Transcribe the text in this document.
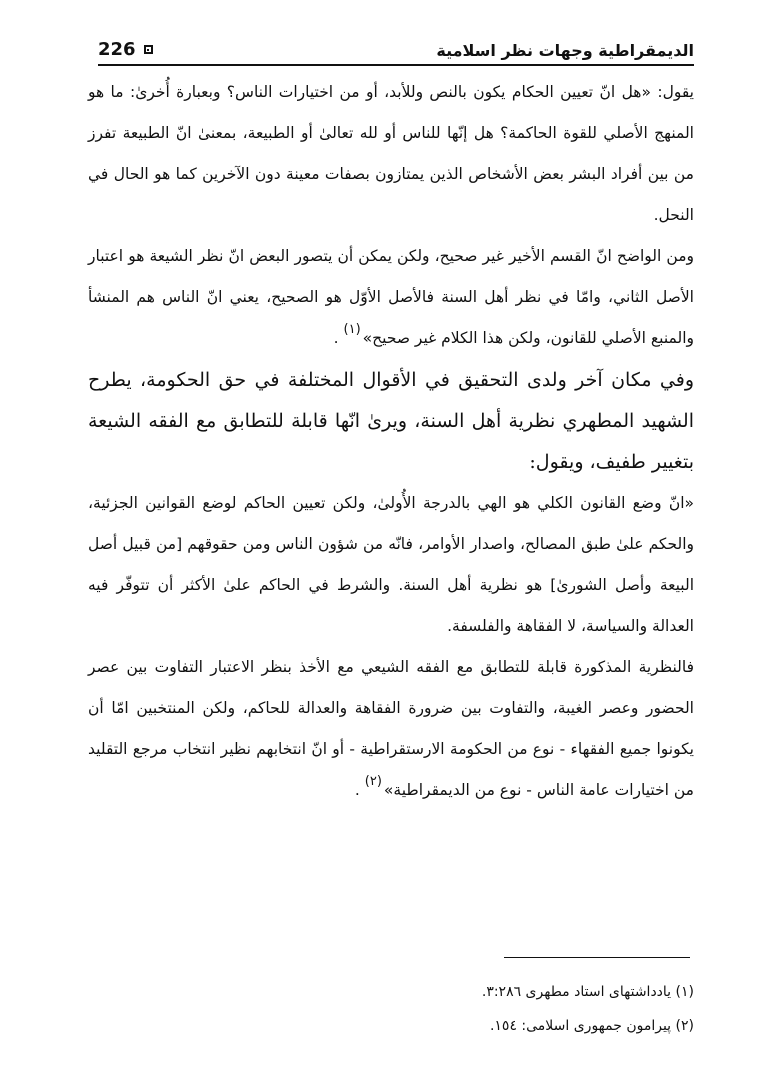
226	الديمقراطية وجهات نظر اسلامية

يقول: «هل انّ تعيين الحكام يكون بالنص وللأبد، أو من اختيارات الناس؟ وبعبارة أُخرىٰ: ما هو المنهج الأصلي للقوة الحاكمة؟ هل إنّها للناس أو لله تعالىٰ أو الطبيعة، بمعنىٰ انّ الطبيعة تفرز من بين أفراد البشر بعض الأشخاص الذين يمتازون بصفات معينة دون الآخرين كما هو الحال في النحل.

ومن الواضح انّ القسم الأخير غير صحيح، ولكن يمكن أن يتصور البعض انّ نظر الشيعة هو اعتبار الأصل الثاني، وامّا في نظر أهل السنة فالأصل الأوّل هو الصحيح، يعني انّ الناس هم المنشأ والمنبع الأصلي للقانون، ولكن هذا الكلام غير صحيح»$^{(١)}$ .

وفي مكان آخر ولدى التحقيق في الأقوال المختلفة في حق الحكومة، يطرح الشهيد المطهري نظرية أهل السنة، ويرىٰ انّها قابلة للتطابق مع الفقه الشيعة بتغيير طفيف، ويقول:

«انّ وضع القانون الكلي هو الهي بالدرجة الأُولىٰ، ولكن تعيين الحاكم لوضع القوانين الجزئية، والحكم علىٰ طبق المصالح، واصدار الأوامر، فانّه من شؤون الناس ومن حقوقهم [من قبيل أصل البيعة وأصل الشورىٰ] هو نظرية أهل السنة. والشرط في الحاكم علىٰ الأكثر أن تتوفّر فيه العدالة والسياسة، لا الفقاهة والفلسفة.

فالنظرية المذكورة قابلة للتطابق مع الفقه الشيعي مع الأخذ بنظر الاعتبار التفاوت بين عصر الحضور وعصر الغيبة، والتفاوت بين ضرورة الفقاهة والعدالة للحاكم، ولكن المنتخبين امّا أن يكونوا جميع الفقهاء - نوع من الحكومة الارستقراطية - أو انّ انتخابهم نظير انتخاب مرجع التقليد من اختيارات عامة الناس - نوع من الديمقراطية»$^{(٢)}$ .

(١) يادداشتهاى استاد مطهرى ٣:٢٨٦.

(٢) پيرامون جمهورى اسلامى: ١٥٤.
